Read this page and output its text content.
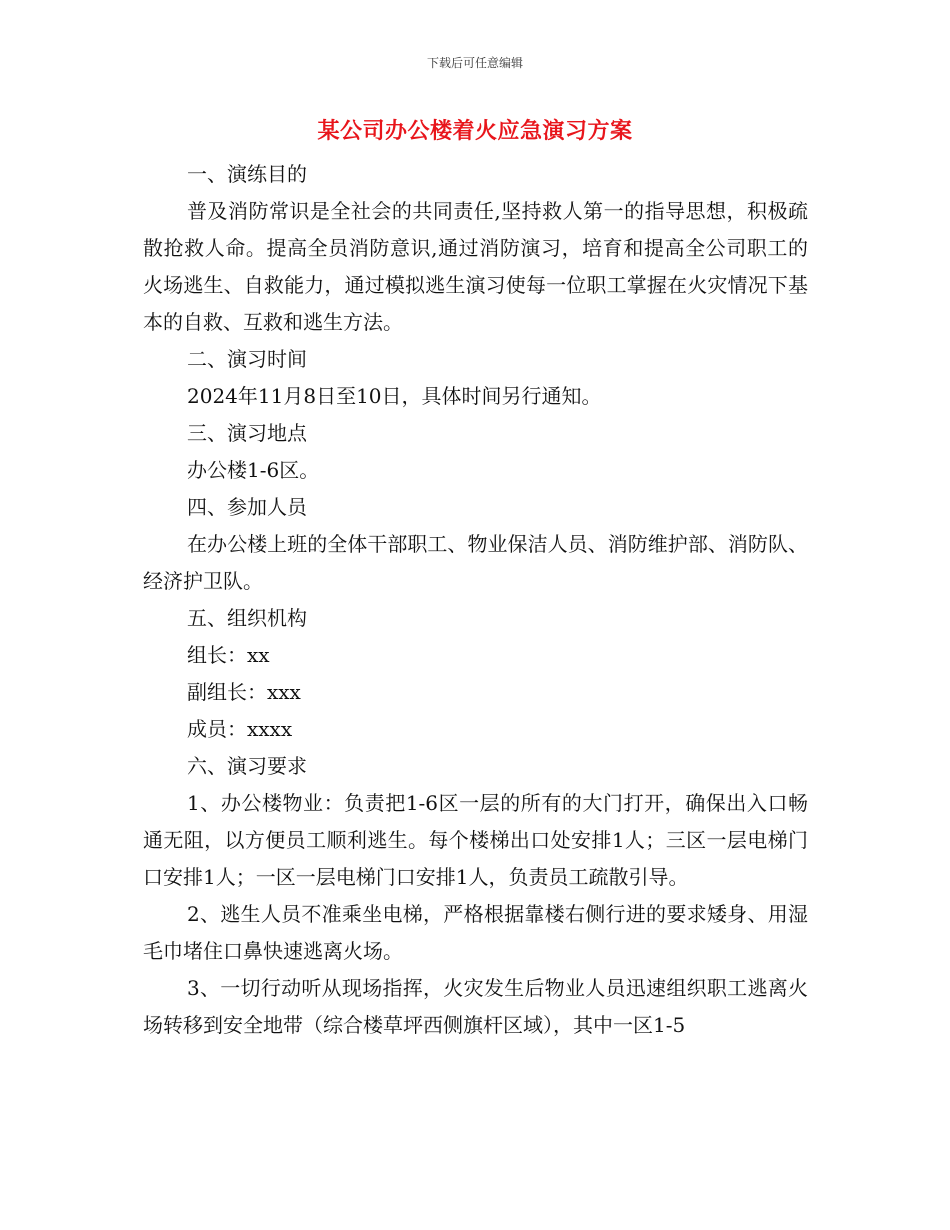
下载后可任意编辑
某公司办公楼着火应急演习方案

一、演练目的

普及消防常识是全社会的共同责任,坚持救人第一的指导思想，积极疏散抢救人命。提高全员消防意识,通过消防演习，培育和提高全公司职工的火场逃生、自救能力，通过模拟逃生演习使每一位职工掌握在火灾情况下基本的自救、互救和逃生方法。

二、演习时间

2024年11月8日至10日，具体时间另行通知。

三、演习地点

办公楼1-6区。

四、参加人员

在办公楼上班的全体干部职工、物业保洁人员、消防维护部、消防队、经济护卫队。

五、组织机构

组长：xx

副组长：xxx

成员：xxxx

六、演习要求

1、办公楼物业：负责把1-6区一层的所有的大门打开，确保出入口畅通无阻，以方便员工顺利逃生。每个楼梯出口处安排1人；三区一层电梯门口安排1人；一区一层电梯门口安排1人，负责员工疏散引导。

2、逃生人员不准乘坐电梯，严格根据靠楼右侧行进的要求矮身、用湿毛巾堵住口鼻快速逃离火场。

3、一切行动听从现场指挥，火灾发生后物业人员迅速组织职工逃离火场转移到安全地带（综合楼草坪西侧旗杆区域），其中一区1-5
